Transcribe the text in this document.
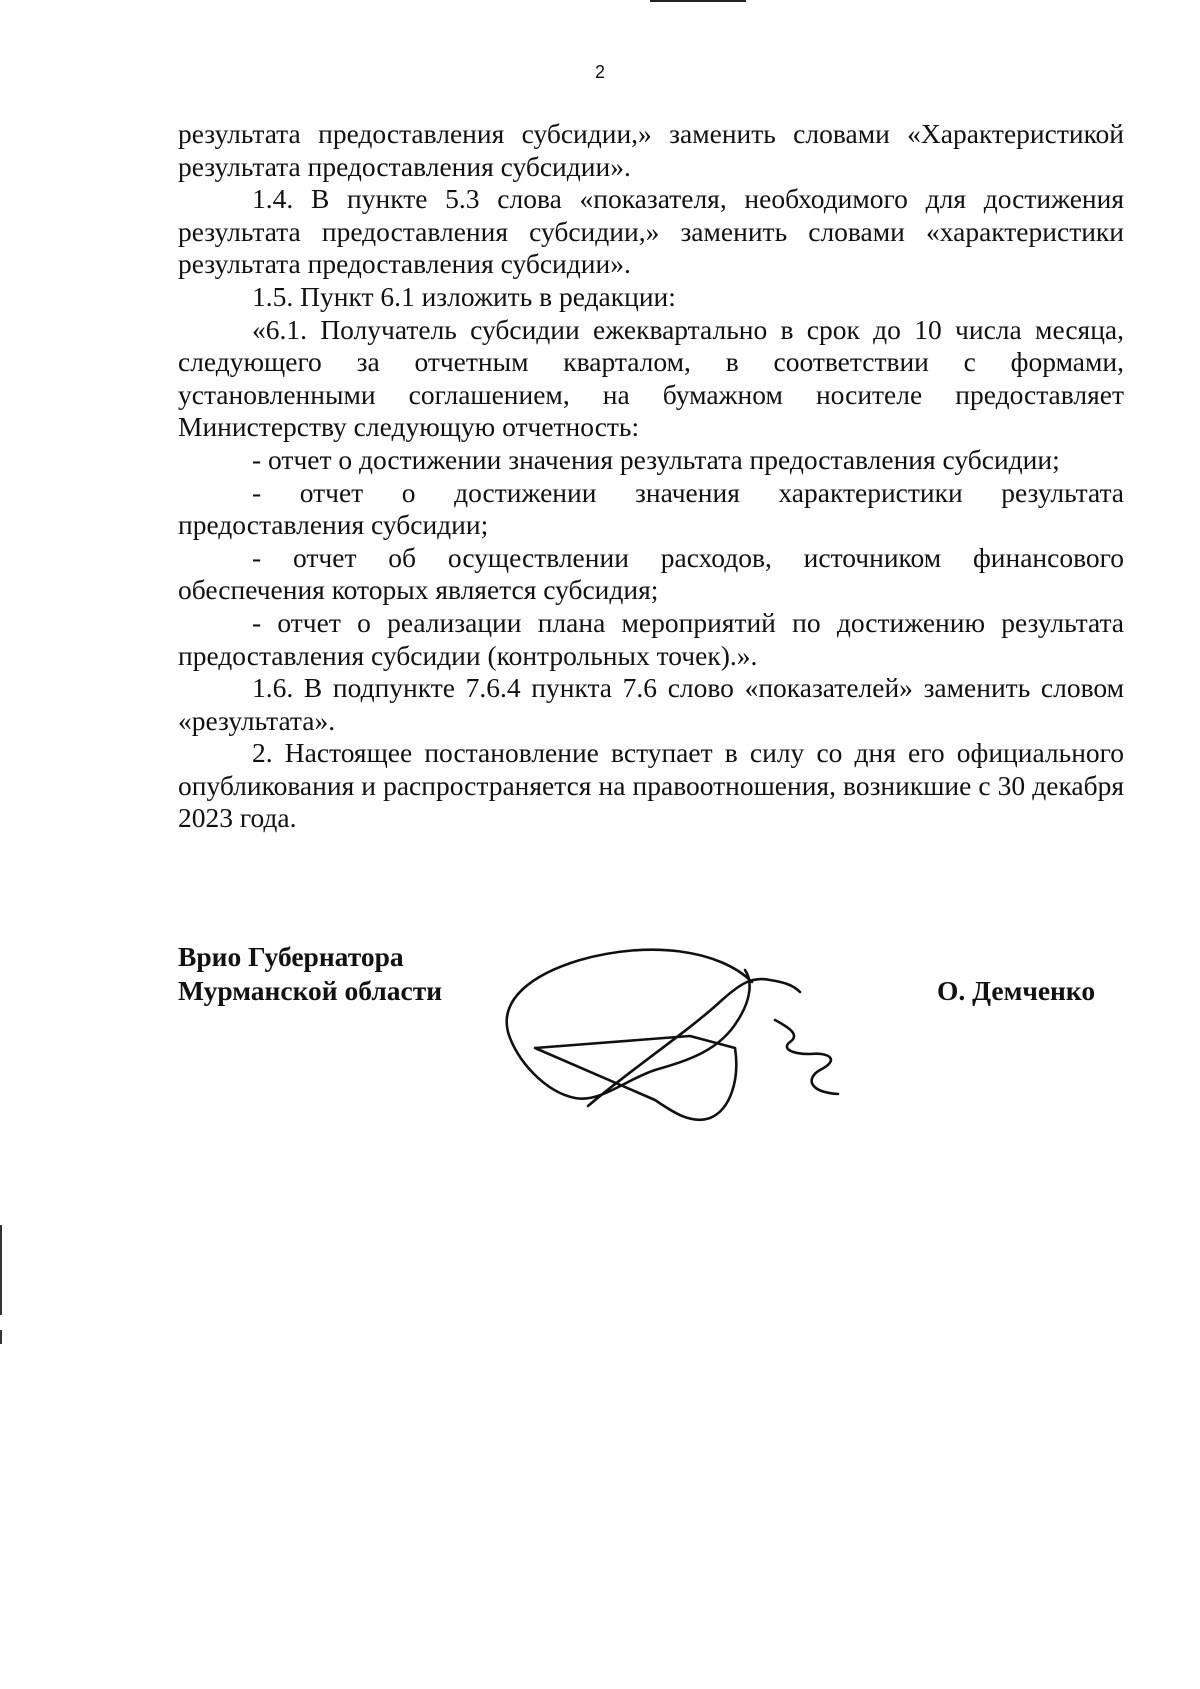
2

результата предоставления субсидии,» заменить словами «Характеристикой результата предоставления субсидии».

1.4. В пункте 5.3 слова «показателя, необходимого для достижения результата предоставления субсидии,» заменить словами «характеристики результата предоставления субсидии».

1.5. Пункт 6.1 изложить в редакции:

«6.1. Получатель субсидии ежеквартально в срок до 10 числа месяца, следующего за отчетным кварталом, в соответствии с формами, установленными соглашением, на бумажном носителе предоставляет Министерству следующую отчетность:

- отчет о достижении значения результата предоставления субсидии;

- отчет о достижении значения характеристики результата предоставления субсидии;

- отчет об осуществлении расходов, источником финансового обеспечения которых является субсидия;

- отчет о реализации плана мероприятий по достижению результата предоставления субсидии (контрольных точек).».

1.6. В подпункте 7.6.4 пункта 7.6 слово «показателей» заменить словом «результата».

2. Настоящее постановление вступает в силу со дня его официального опубликования и распространяется на правоотношения, возникшие с 30 декабря 2023 года.

Врио Губернатора
Мурманской области	О. Демченко
